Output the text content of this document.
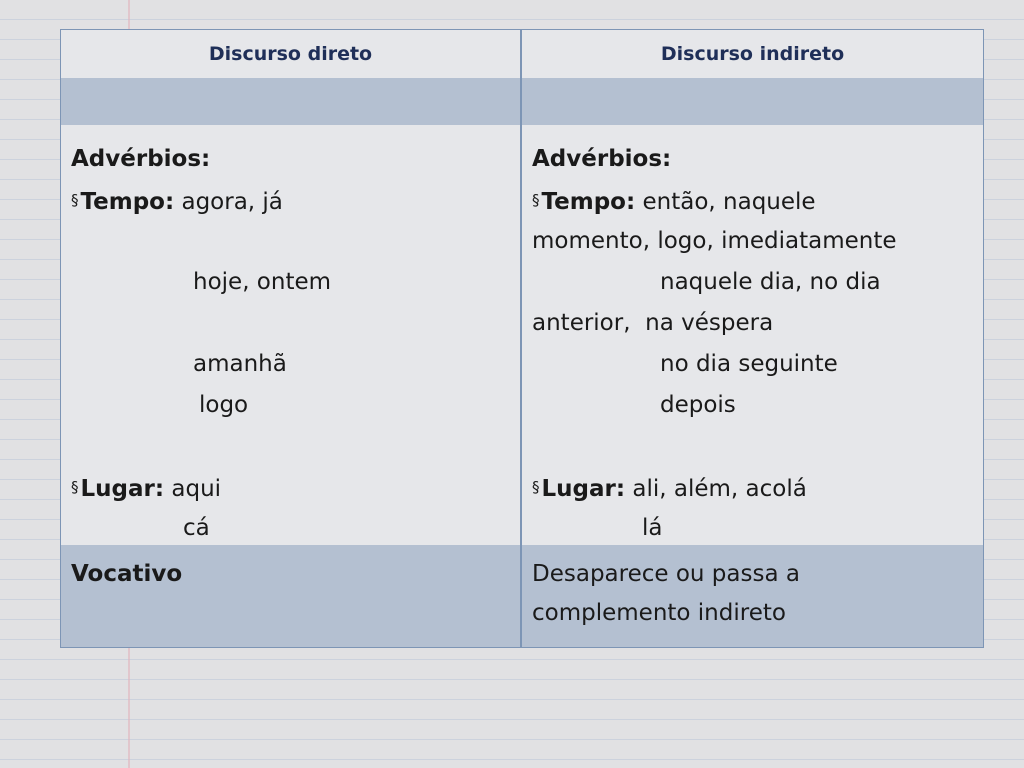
Discurso direto	Discurso indireto
Advérbios:
§Tempo: agora, já
hoje, ontem
amanhã
logo
§Lugar: aqui
cá
Advérbios:
§Tempo: então, naquele
momento, logo, imediatamente
naquele dia, no dia
anterior,  na véspera
no dia seguinte
depois
§Lugar: ali, além, acolá
lá
Vocativo	Desaparece ou passa a
complemento indireto
